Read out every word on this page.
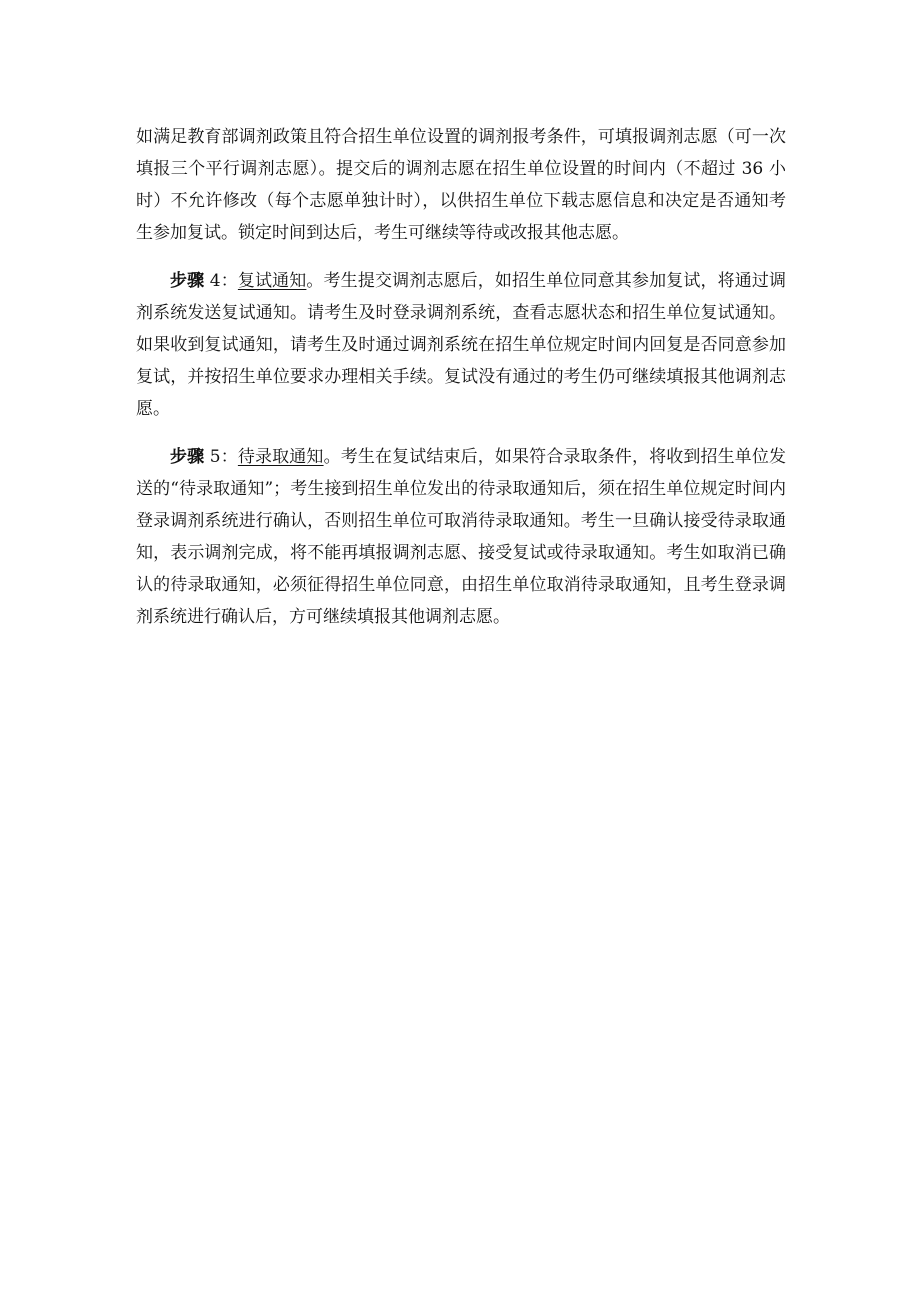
如满足教育部调剂政策且符合招生单位设置的调剂报考条件，可填报调剂志愿（可一次填报三个平行调剂志愿）。提交后的调剂志愿在招生单位设置的时间内（不超过 36 小时）不允许修改（每个志愿单独计时），以供招生单位下载志愿信息和决定是否通知考生参加复试。锁定时间到达后，考生可继续等待或改报其他志愿。

步骤 4：复试通知。考生提交调剂志愿后，如招生单位同意其参加复试，将通过调剂系统发送复试通知。请考生及时登录调剂系统，查看志愿状态和招生单位复试通知。如果收到复试通知，请考生及时通过调剂系统在招生单位规定时间内回复是否同意参加复试，并按招生单位要求办理相关手续。复试没有通过的考生仍可继续填报其他调剂志愿。

步骤 5：待录取通知。考生在复试结束后，如果符合录取条件，将收到招生单位发送的“待录取通知”；考生接到招生单位发出的待录取通知后，须在招生单位规定时间内登录调剂系统进行确认，否则招生单位可取消待录取通知。考生一旦确认接受待录取通知，表示调剂完成，将不能再填报调剂志愿、接受复试或待录取通知。考生如取消已确认的待录取通知，必须征得招生单位同意，由招生单位取消待录取通知，且考生登录调剂系统进行确认后，方可继续填报其他调剂志愿。
